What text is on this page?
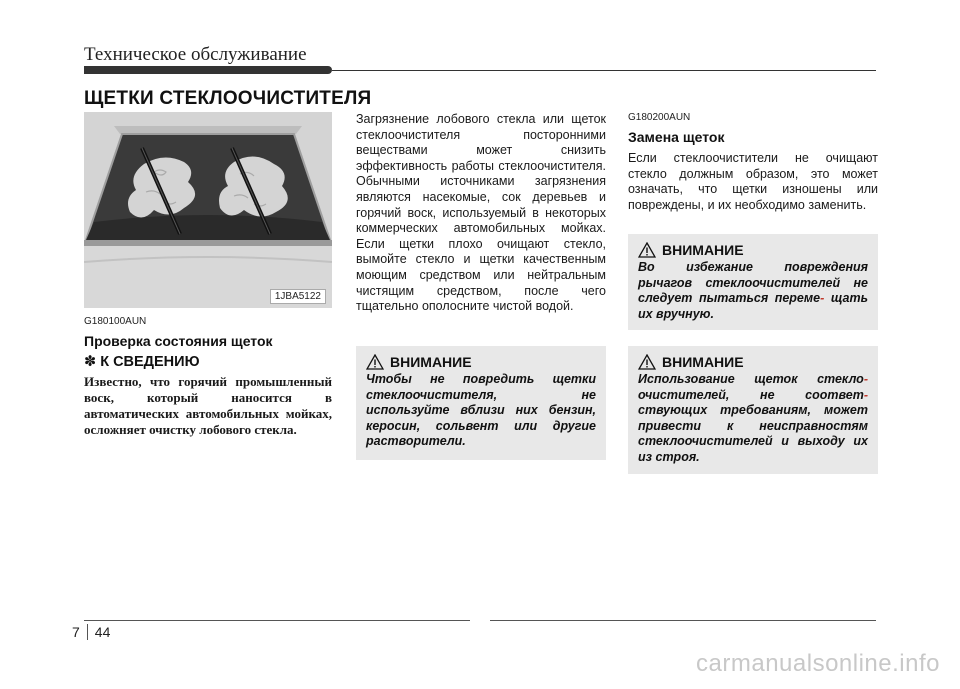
Техническое обслуживание
ЩЕТКИ СТЕКЛООЧИСТИТЕЛЯ
1JBA5122
G180100AUN
Проверка состояния щеток
✽ К СВЕДЕНИЮ

Известно, что горячий промышленный воск, который наносится в автоматических автомобильных мойках, осложняет очистку лобового стекла.

Загрязнение лобового стекла или щеток стеклоочистителя посторонними веществами может снизить эффективность работы стеклоочистителя. Обычными источниками загрязнения являются насекомые, сок деревьев и горячий воск, используемый в некоторых коммерческих автомобильных мойках. Если щетки плохо очищают стекло, вымойте стекло и щетки качественным моющим средством или нейтральным чистящим средством, после чего тщательно ополосните чистой водой.

ВНИМАНИЕ

Чтобы не повредить щетки стеклоочистителя, не используйте вблизи них бензин, керосин, сольвент или другие растворители.

G180200AUN
Замена щеток

Если стеклоочистители не очищают стекло должным образом, это может означать, что щетки изношены или повреждены, и их необходимо заменить.

ВНИМАНИЕ

Во избежание повреждения рычагов стеклоочистителей не следует пытаться переме- щать их вручную.

ВНИМАНИЕ

Использование щеток стекло- очистителей, не соответ- ствующих требованиям, может привести к неисправностям стеклоочистителей и выходу их из строя.

7 44
carmanualsonline.info
